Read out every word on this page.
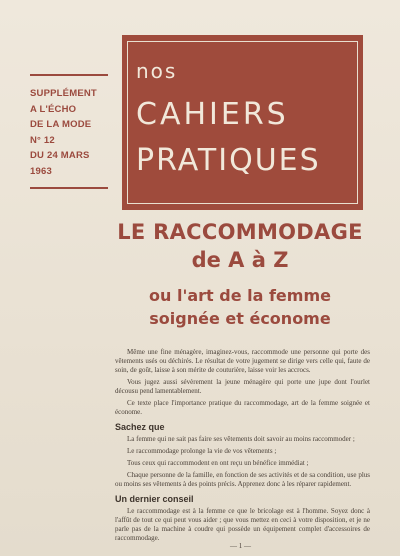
SUPPLÉMENT
A L'ÉCHO
DE LA MODE
N° 12
DU 24 MARS
1963
nos
CAHIERS
PRATIQUES
LE RACCOMMODAGE
de A à Z
ou l'art de la femme
soignée et économe

Même une fine ménagère, imaginez-vous, raccommode une personne qui porte des vêtements usés ou déchirés. Le résultat de votre jugement se dirige vers celle qui, faute de soin, de goût, laisse à son mérite de couturière, laisse voir les accrocs.

Vous jugez aussi sévèrement la jeune ménagère qui porte une jupe dont l'ourlet décousu pend lamentablement.

Ce texte place l'importance pratique du raccommodage, art de la femme soignée et économe.

Sachez que

La femme qui ne sait pas faire ses vêtements doit savoir au moins raccommoder ;

Le raccommodage prolonge la vie de vos vêtements ;

Tous ceux qui raccommodent en ont reçu un bénéfice immédiat ;

Chaque personne de la famille, en fonction de ses activités et de sa condition, use plus ou moins ses vêtements à des points précis. Apprenez donc à les réparer rapidement.

Un dernier conseil

Le raccommodage est à la femme ce que le bricolage est à l'homme. Soyez donc à l'affût de tout ce qui peut vous aider ; que vous mettez en ceci à votre disposition, et je ne parle pas de la machine à coudre qui possède un équipement complet d'accessoires de raccommodage.

— 1 —
